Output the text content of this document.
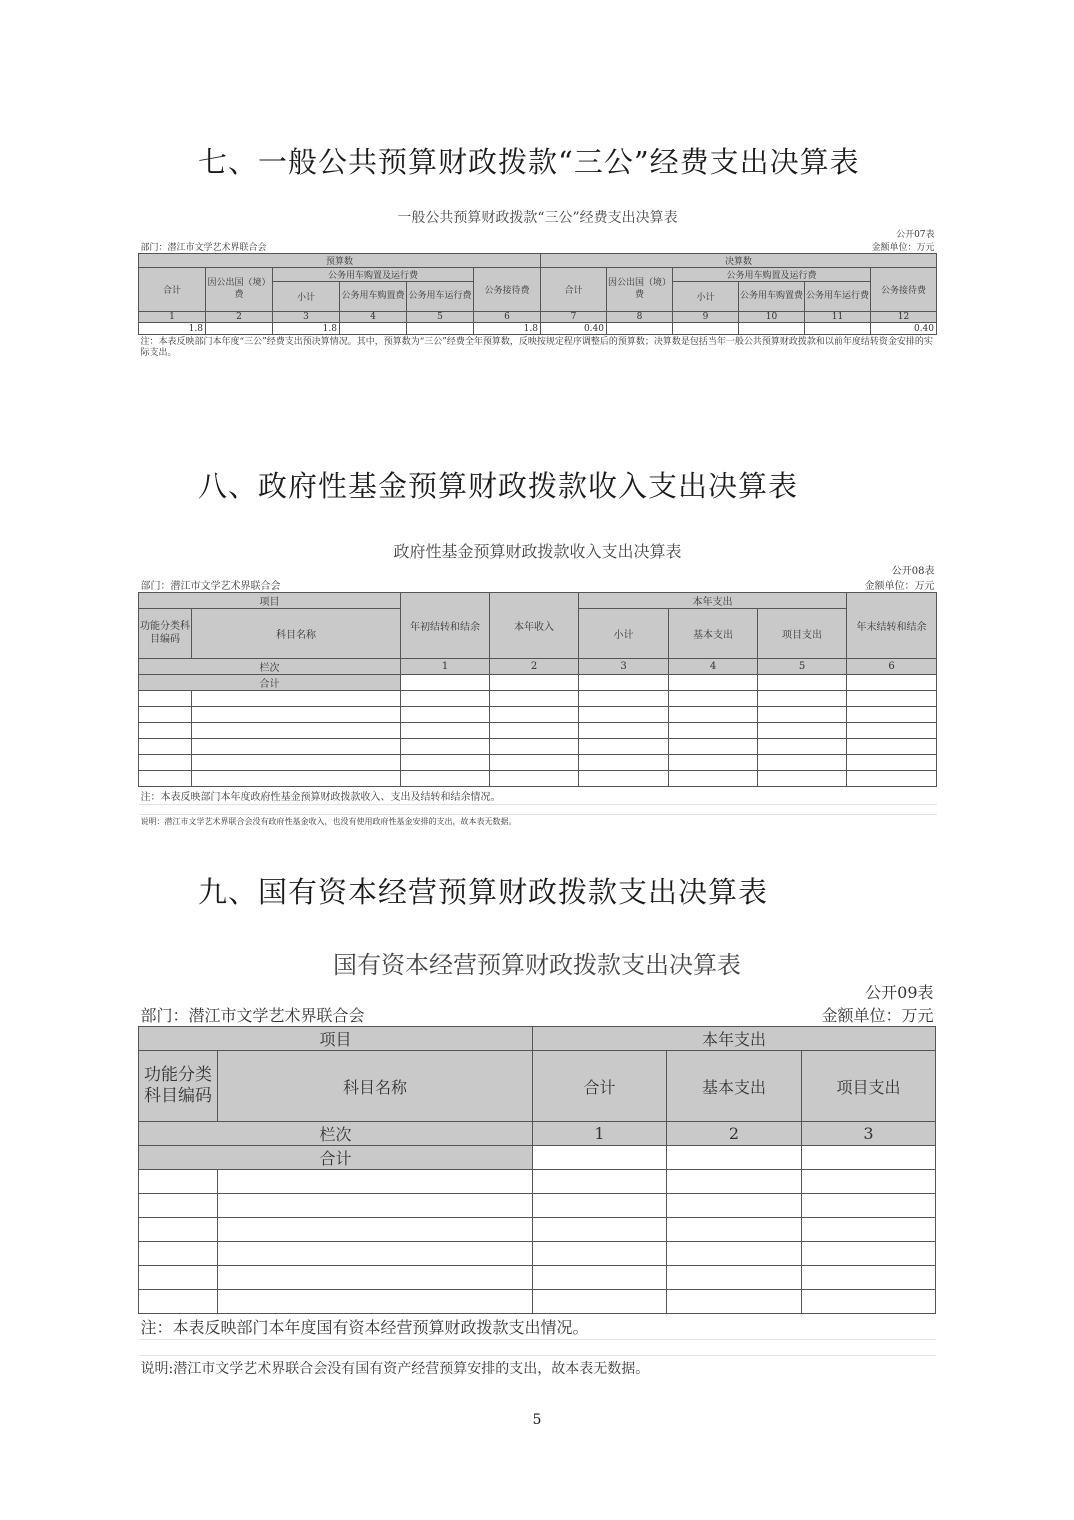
七、一般公共预算财政拨款“三公”经费支出决算表
一般公共预算财政拨款“三公”经费支出决算表											
公开07表											
部门：潜江市文学艺术界联合会						金额单位：万元					
预算数						决算数					
合计	因公出国（境）费	公务用车购置及运行费			公务接待费	合计	因公出国（境）费	公务用车购置及运行费			公务接待费
		小计	公务用车购置费	公务用车运行费				小计	公务用车购置费	公务用车运行费	
1	2	3	4	5	6	7	8	9	10	11	12
1.8		1.8			1.8	0.40					0.40
注：本表反映部门本年度“三公”经费支出预决算情况。其中，预算数为“三公”经费全年预算数，反映按规定程序调整后的预算数；决算数是包括当年一般公共预算财政拨款和以前年度结转资金安排的实际支出。											
八、政府性基金预算财政拨款收入支出决算表
政府性基金预算财政拨款收入支出决算表							
公开08表							
部门：潜江市文学艺术界联合会				金额单位：万元			
项目		年初结转和结余	本年收入	本年支出			年末结转和结余
功能分类科目编码	科目名称			小计	基本支出	项目支出	
栏次		1	2	3	4	5	6
合计							

注：本表反映部门本年度政府性基金预算财政拨款收入、支出及结转和结余情况。							

说明：潜江市文学艺术界联合会没有政府性基金收入，也没有使用政府性基金安排的支出，故本表无数据。							
九、国有资本经营预算财政拨款支出决算表
国有资本经营预算财政拨款支出决算表				
公开09表				
部门：潜江市文学艺术界联合会		金额单位：万元		
项目		本年支出		
功能分类科目编码	科目名称	合计	基本支出	项目支出
栏次		1	2	3
合计				

注：本表反映部门本年度国有资本经营预算财政拨款支出情况。				

说明:潜江市文学艺术界联合会没有国有资产经营预算安排的支出，故本表无数据。				
5
